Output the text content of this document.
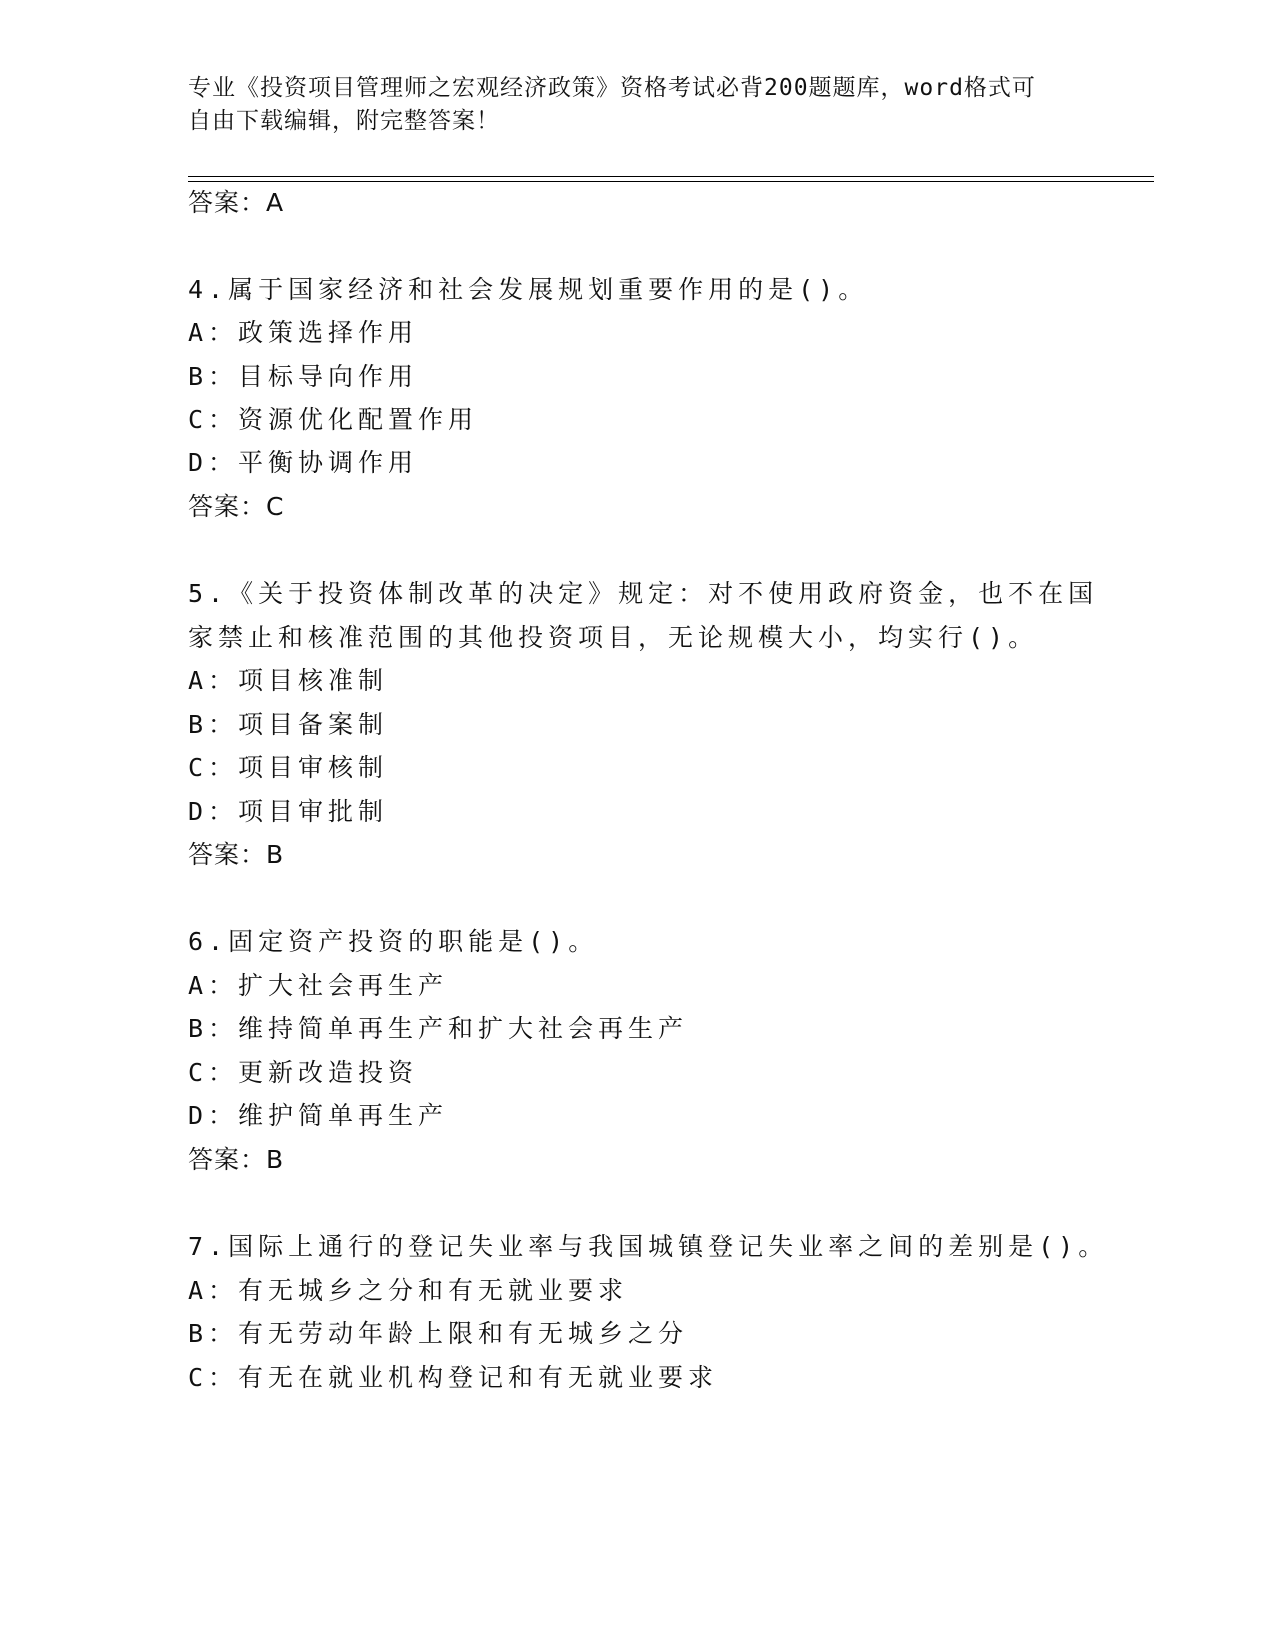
专业《投资项目管理师之宏观经济政策》资格考试必背200题题库，word格式可
自由下载编辑，附完整答案！
答案：A
4.属于国家经济和社会发展规划重要作用的是()。
A：政策选择作用
B：目标导向作用
C：资源优化配置作用
D：平衡协调作用
答案：C
5.《关于投资体制改革的决定》规定：对不使用政府资金，也不在国
家禁止和核准范围的其他投资项目，无论规模大小，均实行()。
A：项目核准制
B：项目备案制
C：项目审核制
D：项目审批制
答案：B
6.固定资产投资的职能是()。
A：扩大社会再生产
B：维持简单再生产和扩大社会再生产
C：更新改造投资
D：维护简单再生产
答案：B
7.国际上通行的登记失业率与我国城镇登记失业率之间的差别是()。
A：有无城乡之分和有无就业要求
B：有无劳动年龄上限和有无城乡之分
C：有无在就业机构登记和有无就业要求
